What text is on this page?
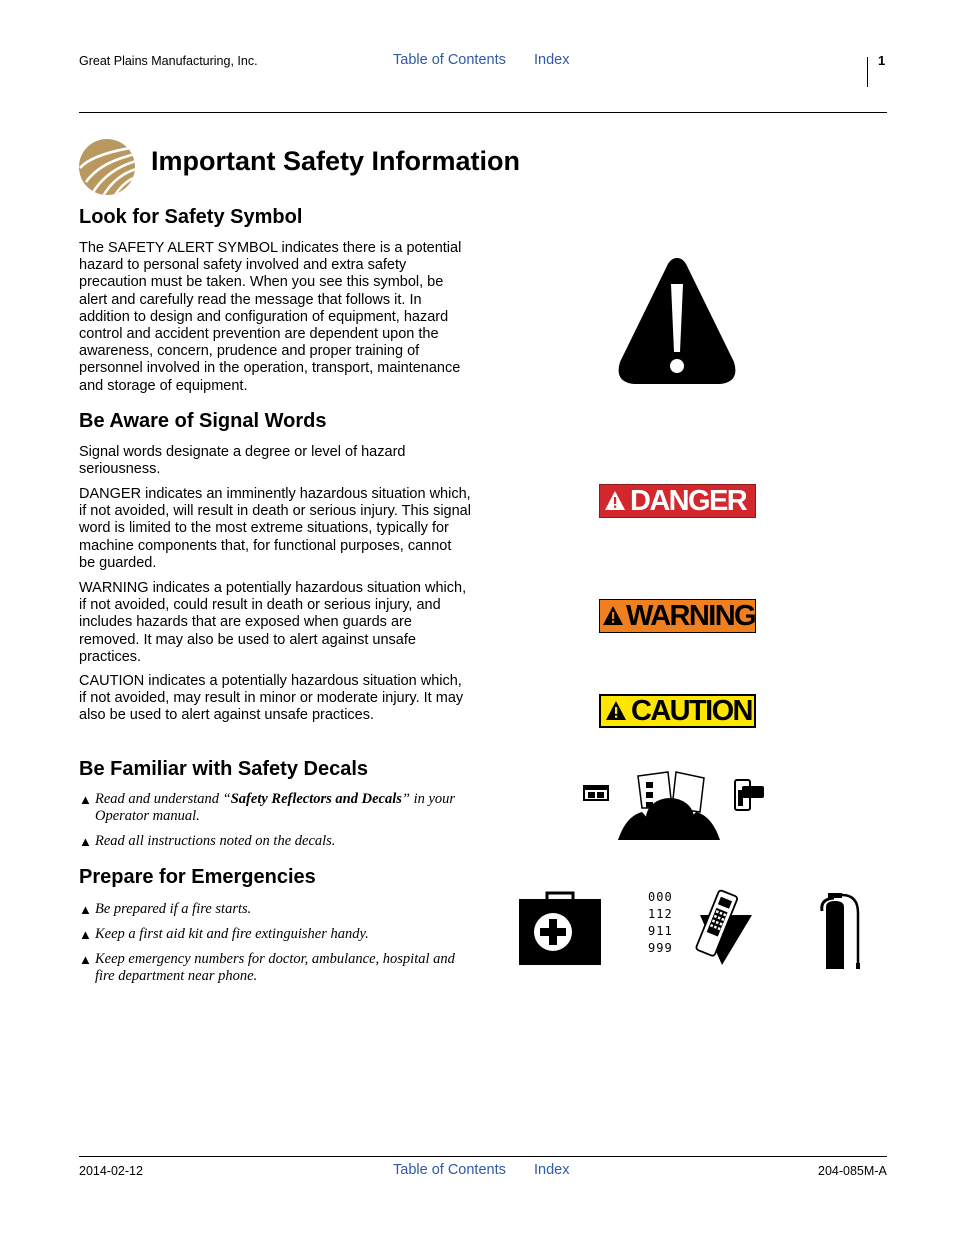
Great Plains Manufacturing, Inc.	Table of Contents Index	1
Important Safety Information
Look for Safety Symbol
The SAFETY ALERT SYMBOL indicates there is a potential hazard to personal safety involved and extra safety precaution must be taken. When you see this symbol, be alert and carefully read the message that follows it. In addition to design and configuration of equipment, hazard control and accident prevention are dependent upon the awareness, concern, prudence and proper training of personnel involved in the operation, transport, maintenance and storage of equipment.
Be Aware of Signal Words
Signal words designate a degree or level of hazard seriousness.
DANGER indicates an imminently hazardous situation which, if not avoided, will result in death or serious injury. This signal word is limited to the most extreme situations, typically for machine components that, for functional purposes, cannot be guarded.
WARNING indicates a potentially hazardous situation which, if not avoided, could result in death or serious injury, and includes hazards that are exposed when guards are removed. It may also be used to alert against unsafe practices.
CAUTION indicates a potentially hazardous situation which, if not avoided, may result in minor or moderate injury. It may also be used to alert against unsafe practices.
DANGER
WARNING
CAUTION
Be Familiar with Safety Decals
▲ Read and understand “Safety Reflectors and Decals” in your Operator manual.
▲ Read all instructions noted on the decals.
Prepare for Emergencies
▲ Be prepared if a fire starts.
▲ Keep a first aid kit and fire extinguisher handy.
▲ Keep emergency numbers for doctor, ambulance, hospital and fire department near phone.
000
112
911
999
2014-02-12	Table of Contents Index	204-085M-A
